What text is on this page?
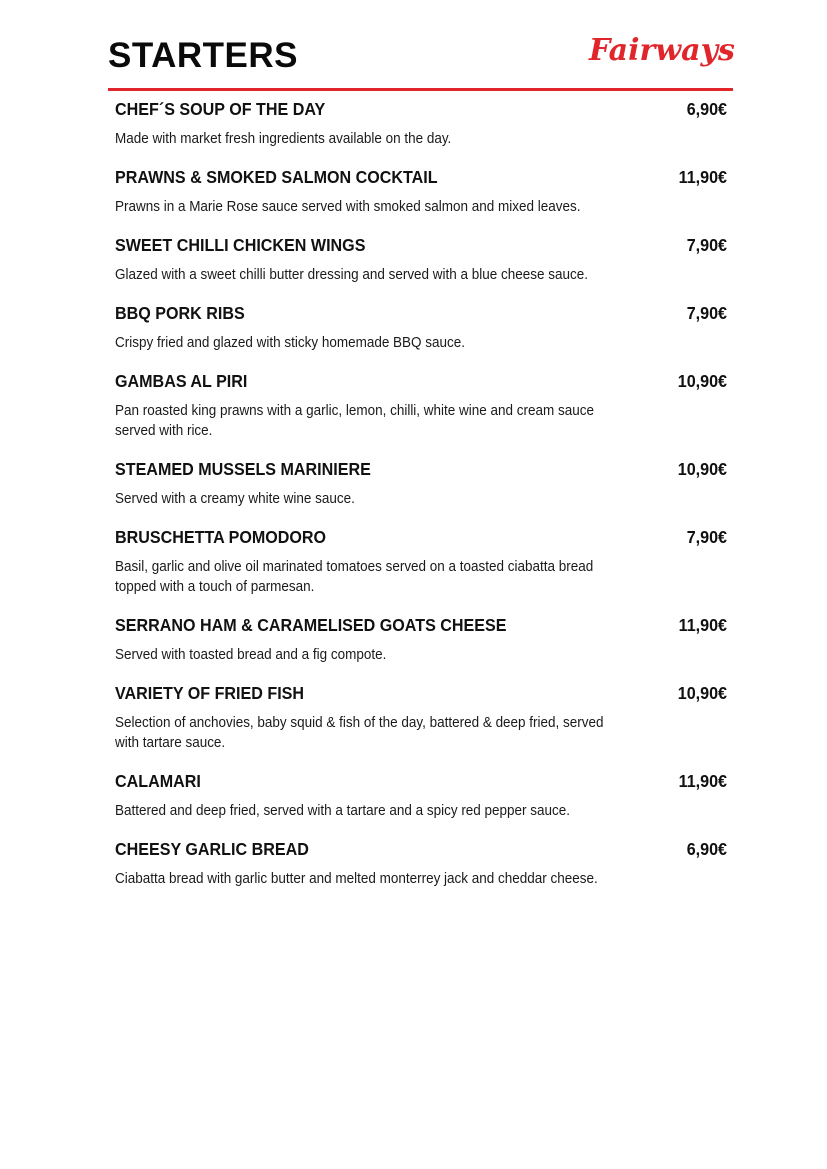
STARTERS	Fairways
CHEF´S SOUP OF THE DAY	6,90€
Made with market fresh ingredients available on the day.
PRAWNS & SMOKED SALMON COCKTAIL	11,90€
Prawns in a Marie Rose sauce served with smoked salmon and mixed leaves.
SWEET CHILLI CHICKEN WINGS	7,90€
Glazed with a sweet chilli butter dressing and served with a blue cheese sauce.
BBQ PORK RIBS	7,90€
Crispy fried and glazed with sticky homemade BBQ sauce.
GAMBAS AL PIRI	10,90€
Pan roasted king prawns with a garlic, lemon, chilli, white wine and cream sauce served with rice.
STEAMED MUSSELS MARINIERE	10,90€
Served with a creamy white wine sauce.
BRUSCHETTA POMODORO	7,90€
Basil, garlic and olive oil marinated tomatoes served on a toasted ciabatta bread topped with a touch of parmesan.
SERRANO HAM & CARAMELISED GOATS CHEESE	11,90€
Served with toasted bread and a fig compote.
VARIETY OF FRIED FISH	10,90€
Selection of anchovies, baby squid & fish of the day, battered & deep fried, served with tartare sauce.
CALAMARI	11,90€
Battered and deep fried, served with a tartare and a spicy red pepper sauce.
CHEESY GARLIC BREAD	6,90€
Ciabatta bread with garlic butter and melted monterrey jack and cheddar cheese.
